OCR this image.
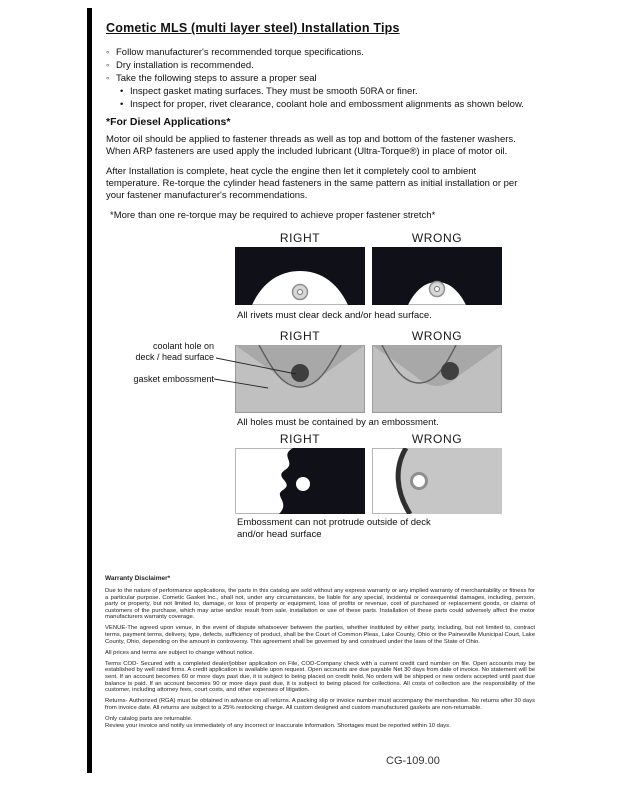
Cometic MLS (multi layer steel) Installation Tips
◦ Follow manufacturer's recommended torque specifications.
◦ Dry installation is recommended.
◦ Take the following steps to assure a proper seal
• Inspect gasket mating surfaces. They must be smooth 50RA or finer.
• Inspect for proper, rivet clearance, coolant hole and embossment alignments as shown below.
*For Diesel Applications*
Motor oil should be applied to fastener threads as well as top and bottom of the fastener washers. When ARP fasteners are used apply the included lubricant (Ultra-Torque®) in place of motor oil.
After Installation is complete, heat cycle the engine then let it completely cool to ambient temperature. Re-torque the cylinder head fasteners in the same pattern as initial installation or per your fastener manufacturer's recommendations.
*More than one re-torque may be required to achieve proper fastener stretch*
RIGHT	WRONG
All rivets must clear deck and/or head surface.
RIGHT	WRONG
coolant hole on
deck / head surface
gasket embossment
All holes must be contained by an embossment.
RIGHT	WRONG
Embossment can not protrude outside of deck
and/or head surface
Warranty Disclaimer*
Due to the nature of performance applications, the parts in this catalog are sold without any express warranty or any implied warranty of merchantability or fitness for a particular purpose. Cometic Gasket Inc., shall not, under any circumstances, be liable for any special, incidental or consequential damages, including, person, party or property, but not limited to, damage, or loss of property or equipment, loss of profits or revenue, cost of purchased or replacement goods, or claims of customers of the purchase, which may arise and/or result from sale, installation or use of these parts. Installation of these parts could adversely affect the motor manufacturers warranty coverage.
VENUE-The agreed upon venue, in the event of dispute whatsoever between the parties, whether instituted by either party, including, but not limited to, contract terms, payment terms, delivery, type, defects, sufficiency of product, shall be the Court of Common Pleas, Lake County, Ohio or the Painesville Municipal Court, Lake County, Ohio, depending on the amount in controversy. This agreement shall be governed by and construed under the laws of the State of Ohio.
All prices and terms are subject to change without notice.
Terms COD- Secured with a completed dealer/jobber application on File, COD-Company check with a current credit card number on file. Open accounts may be established by well rated firms. A credit application is available upon request. Open accounts are due payable Net 30 days from date of invoice. No statement will be sent. If an account becomes 60 or more days past due, it is subject to being placed on credit hold. No orders will be shipped or new orders accepted until past due balance is paid. If an account becomes 90 or more days past due, it is subject to being placed for collections. All costs of collection are the responsibility of the customer, including attorney fees, court costs, and other expenses of litigation.
Returns- Authorized (RGA) must be obtained in advance on all returns. A packing slip or invoice number must accompany the merchandise. No returns after 30 days from invoice date. All returns are subject to a 25% restocking charge. All custom designed and custom manufactured gaskets are non-returnable.
Only catalog parts are returnable.
Review your invoice and notify us immediately of any incorrect or inaccurate information. Shortages must be reported within 10 days.
CG-109.00
